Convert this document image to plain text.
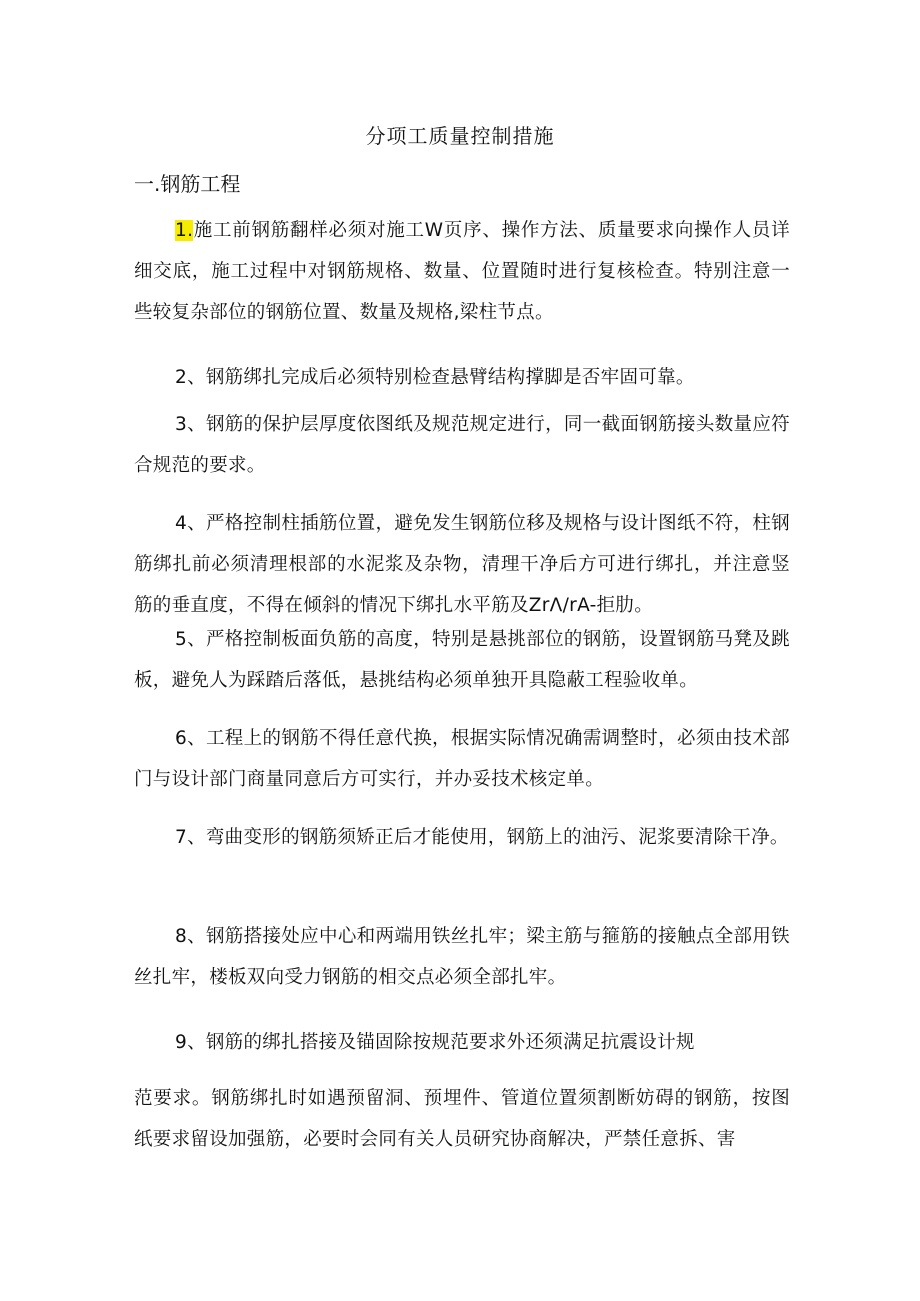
分项工质量控制措施
一.钢筋工程
1.施工前钢筋翻样必须对施工W页序、操作方法、质量要求向操作人员详细交底，施工过程中对钢筋规格、数量、位置随时进行复核检查。特别注意一些较复杂部位的钢筋位置、数量及规格,梁柱节点。
2、钢筋绑扎完成后必须特别检查悬臂结构撑脚是否牢固可靠。
3、钢筋的保护层厚度依图纸及规范规定进行，同一截面钢筋接头数量应符合规范的要求。
4、严格控制柱插筋位置，避免发生钢筋位移及规格与设计图纸不符，柱钢筋绑扎前必须清理根部的水泥浆及杂物，清理干净后方可进行绑扎，并注意竖筋的垂直度，不得在倾斜的情况下绑扎水平筋及ZrΛ∕rA-拒肋。
5、严格控制板面负筋的高度，特别是悬挑部位的钢筋，设置钢筋马凳及跳板，避免人为踩踏后落低，悬挑结构必须单独开具隐蔽工程验收单。
6、工程上的钢筋不得任意代换，根据实际情况确需调整时，必须由技术部门与设计部门商量同意后方可实行，并办妥技术核定单。
7、弯曲变形的钢筋须矫正后才能使用，钢筋上的油污、泥浆要清除干净。
8、钢筋搭接处应中心和两端用铁丝扎牢；梁主筋与箍筋的接触点全部用铁丝扎牢，楼板双向受力钢筋的相交点必须全部扎牢。
9、钢筋的绑扎搭接及锚固除按规范要求外还须满足抗震设计规
范要求。钢筋绑扎时如遇预留洞、预埋件、管道位置须割断妨碍的钢筋，按图纸要求留设加强筋，必要时会同有关人员研究协商解决，严禁任意拆、害
